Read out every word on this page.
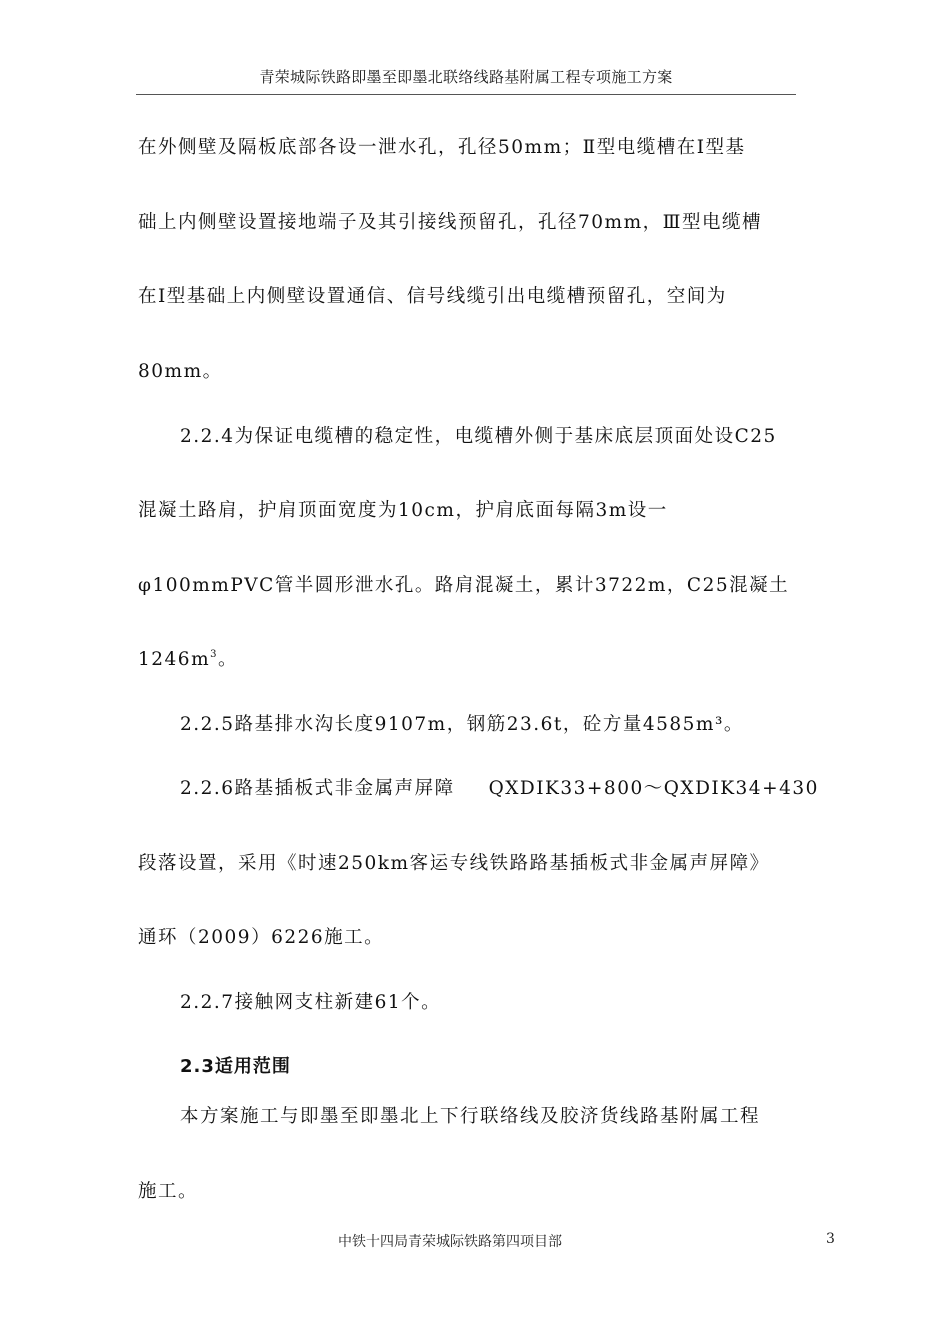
青荣城际铁路即墨至即墨北联络线路基附属工程专项施工方案
在外侧壁及隔板底部各设一泄水孔，孔径50mm；Ⅱ型电缆槽在Ⅰ型基
础上内侧壁设置接地端子及其引接线预留孔，孔径70mm，Ⅲ型电缆槽
在Ⅰ型基础上内侧壁设置通信、信号线缆引出电缆槽预留孔，空间为
80mm。
2.2.4为保证电缆槽的稳定性，电缆槽外侧于基床底层顶面处设C25
混凝土路肩，护肩顶面宽度为10cm，护肩底面每隔3m设一
φ100mmPVC管半圆形泄水孔。路肩混凝土，累计3722m，C25混凝土
$1246m^3$。
2.2.5路基排水沟长度9107m，钢筋23.6t，砼方量4585m³。
2.2.6路基插板式非金属声屏障 QXDIK33+800～QXDIK34+430
段落设置，采用《时速250km客运专线铁路路基插板式非金属声屏障》
通环（2009）6226施工。
2.2.7接触网支柱新建61个。
2.3适用范围
本方案施工与即墨至即墨北上下行联络线及胶济货线路基附属工程
施工。
中铁十四局青荣城际铁路第四项目部	3
